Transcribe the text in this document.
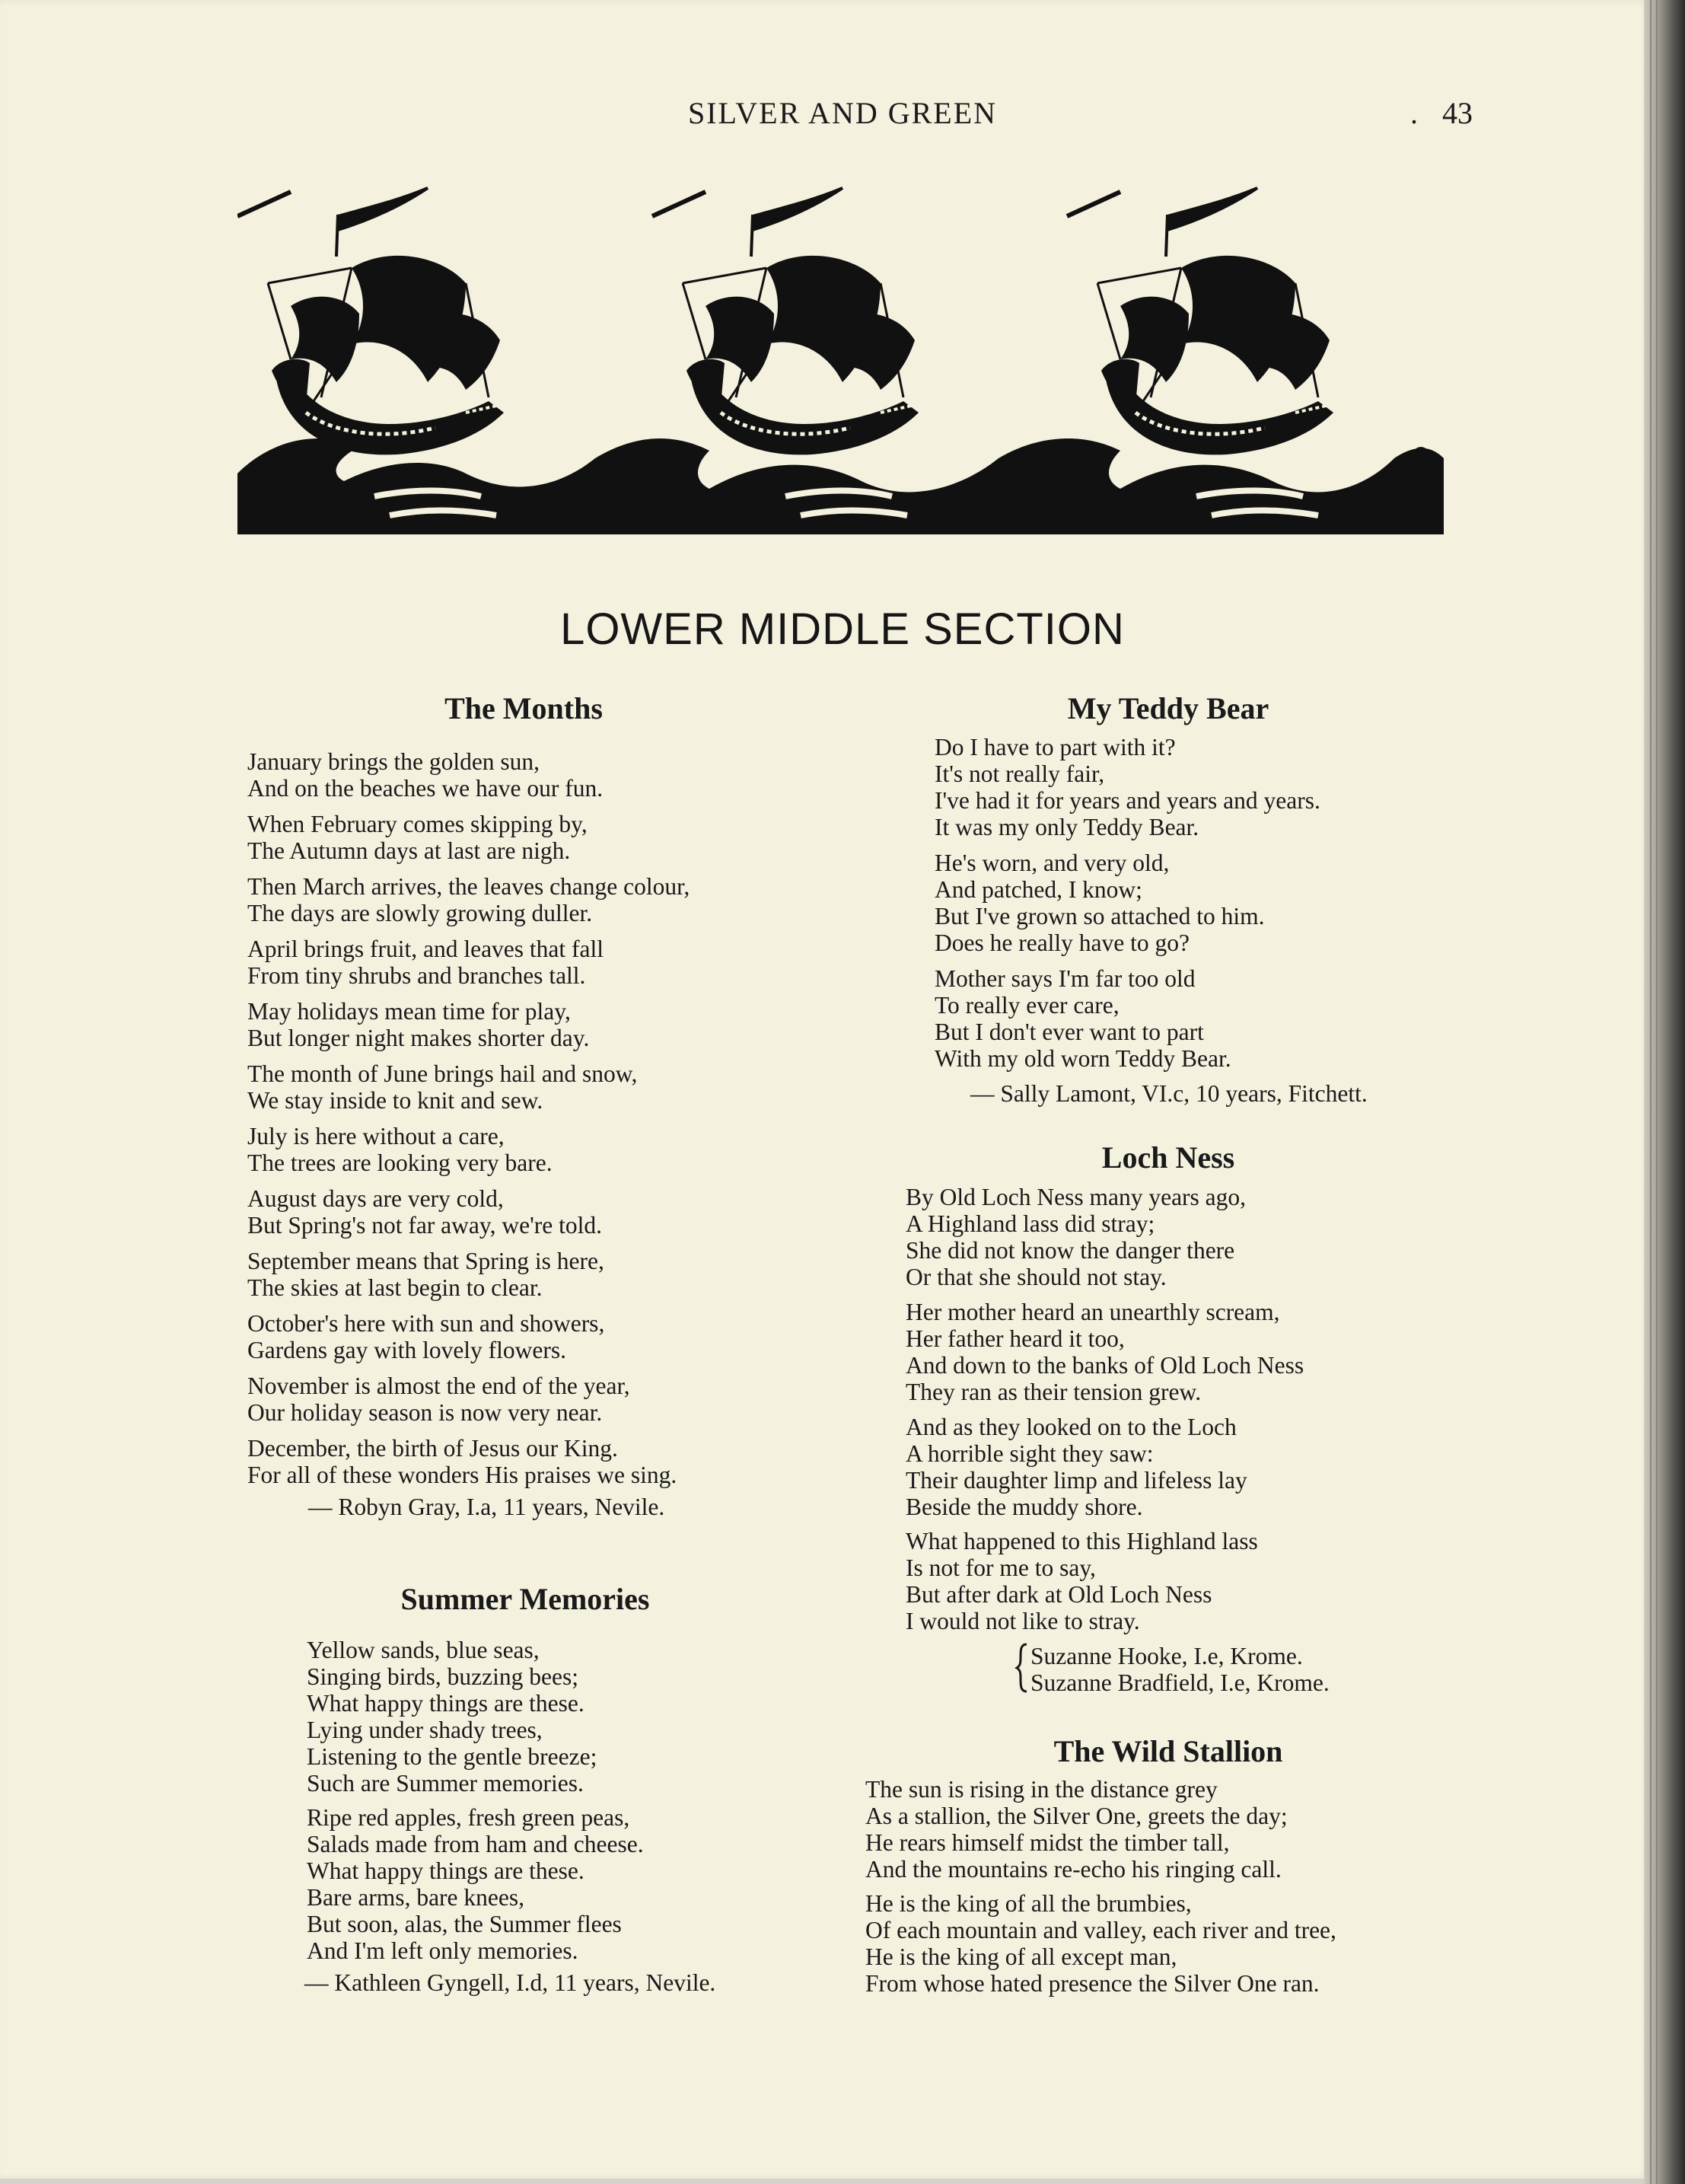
SILVER AND GREEN	. 43
LOWER MIDDLE SECTION
The Months
January brings the golden sun,
And on the beaches we have our fun.
When February comes skipping by,
The Autumn days at last are nigh.
Then March arrives, the leaves change colour,
The days are slowly growing duller.
April brings fruit, and leaves that fall
From tiny shrubs and branches tall.
May holidays mean time for play,
But longer night makes shorter day.
The month of June brings hail and snow,
We stay inside to knit and sew.
July is here without a care,
The trees are looking very bare.
August days are very cold,
But Spring's not far away, we're told.
September means that Spring is here,
The skies at last begin to clear.
October's here with sun and showers,
Gardens gay with lovely flowers.
November is almost the end of the year,
Our holiday season is now very near.
December, the birth of Jesus our King.
For all of these wonders His praises we sing.
— Robyn Gray, I.a, 11 years, Nevile.
Summer Memories
Yellow sands, blue seas,
Singing birds, buzzing bees;
What happy things are these.
Lying under shady trees,
Listening to the gentle breeze;
Such are Summer memories.
Ripe red apples, fresh green peas,
Salads made from ham and cheese.
What happy things are these.
Bare arms, bare knees,
But soon, alas, the Summer flees
And I'm left only memories.
— Kathleen Gyngell, I.d, 11 years, Nevile.
My Teddy Bear
Do I have to part with it?
It's not really fair,
I've had it for years and years and years.
It was my only Teddy Bear.
He's worn, and very old,
And patched, I know;
But I've grown so attached to him.
Does he really have to go?
Mother says I'm far too old
To really ever care,
But I don't ever want to part
With my old worn Teddy Bear.
— Sally Lamont, VI.c, 10 years, Fitchett.
Loch Ness
By Old Loch Ness many years ago,
A Highland lass did stray;
She did not know the danger there
Or that she should not stay.
Her mother heard an unearthly scream,
Her father heard it too,
And down to the banks of Old Loch Ness
They ran as their tension grew.
And as they looked on to the Loch
A horrible sight they saw:
Their daughter limp and lifeless lay
Beside the muddy shore.
What happened to this Highland lass
Is not for me to say,
But after dark at Old Loch Ness
I would not like to stray.
Suzanne Hooke, I.e, Krome.
Suzanne Bradfield, I.e, Krome.
The Wild Stallion
The sun is rising in the distance grey
As a stallion, the Silver One, greets the day;
He rears himself midst the timber tall,
And the mountains re-echo his ringing call.
He is the king of all the brumbies,
Of each mountain and valley, each river and tree,
He is the king of all except man,
From whose hated presence the Silver One ran.
